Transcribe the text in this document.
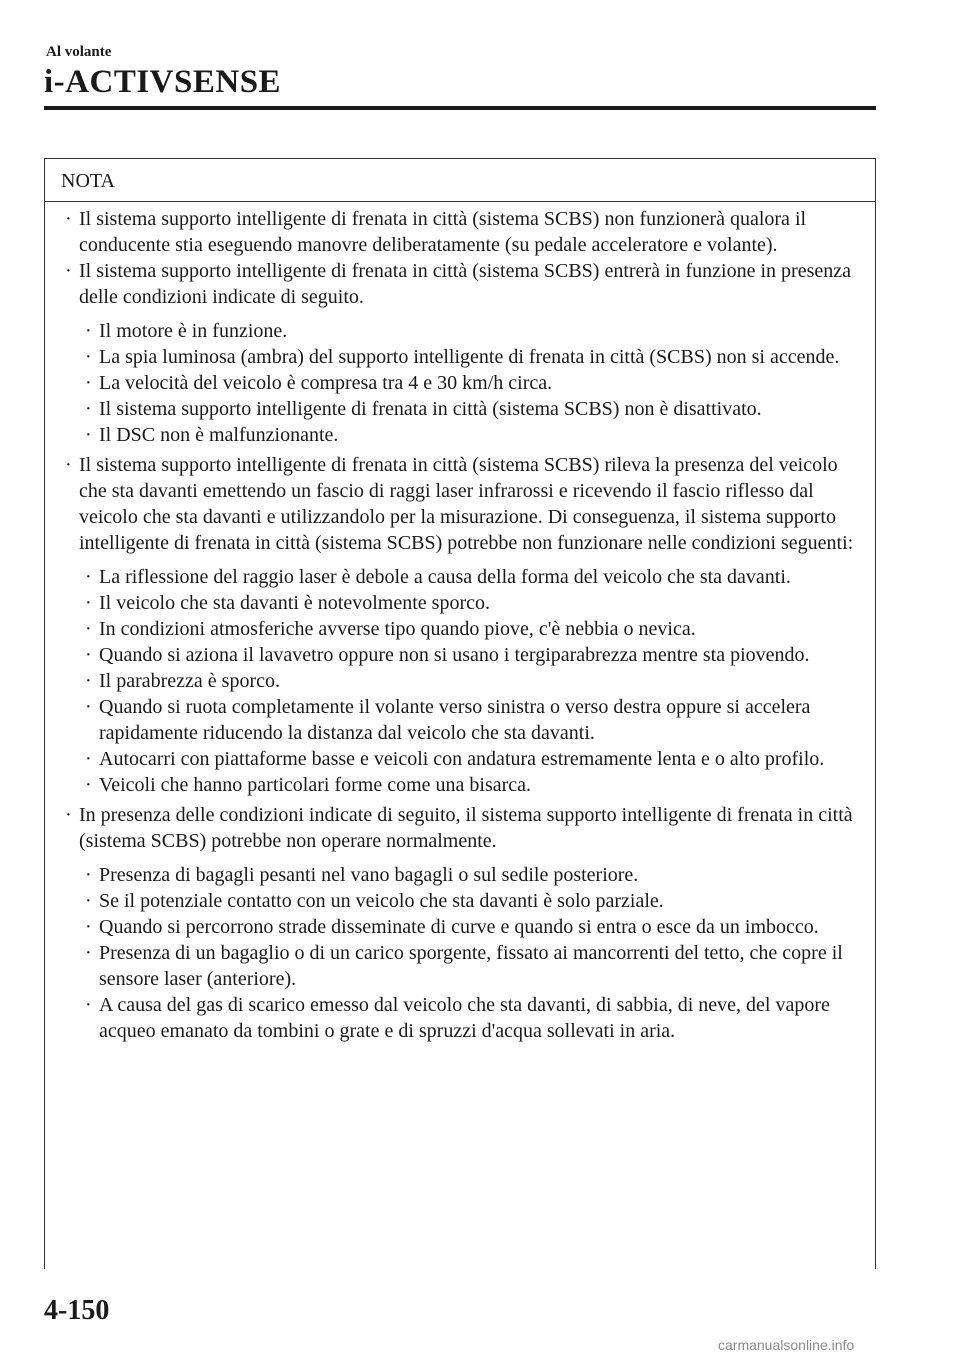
Al volante
i-ACTIVSENSE
NOTA
· Il sistema supporto intelligente di frenata in città (sistema SCBS) non funzionerà qualora il conducente stia eseguendo manovre deliberatamente (su pedale acceleratore e volante).
· Il sistema supporto intelligente di frenata in città (sistema SCBS) entrerà in funzione in presenza delle condizioni indicate di seguito.
· Il motore è in funzione.
· La spia luminosa (ambra) del supporto intelligente di frenata in città (SCBS) non si accende.
· La velocità del veicolo è compresa tra 4 e 30 km/h circa.
· Il sistema supporto intelligente di frenata in città (sistema SCBS) non è disattivato.
· Il DSC non è malfunzionante.
· Il sistema supporto intelligente di frenata in città (sistema SCBS) rileva la presenza del veicolo che sta davanti emettendo un fascio di raggi laser infrarossi e ricevendo il fascio riflesso dal veicolo che sta davanti e utilizzandolo per la misurazione. Di conseguenza, il sistema supporto intelligente di frenata in città (sistema SCBS) potrebbe non funzionare nelle condizioni seguenti:
· La riflessione del raggio laser è debole a causa della forma del veicolo che sta davanti.
· Il veicolo che sta davanti è notevolmente sporco.
· In condizioni atmosferiche avverse tipo quando piove, c'è nebbia o nevica.
· Quando si aziona il lavavetro oppure non si usano i tergiparabrezza mentre sta piovendo.
· Il parabrezza è sporco.
· Quando si ruota completamente il volante verso sinistra o verso destra oppure si accelera rapidamente riducendo la distanza dal veicolo che sta davanti.
· Autocarri con piattaforme basse e veicoli con andatura estremamente lenta e o alto profilo.
· Veicoli che hanno particolari forme come una bisarca.
· In presenza delle condizioni indicate di seguito, il sistema supporto intelligente di frenata in città (sistema SCBS) potrebbe non operare normalmente.
· Presenza di bagagli pesanti nel vano bagagli o sul sedile posteriore.
· Se il potenziale contatto con un veicolo che sta davanti è solo parziale.
· Quando si percorrono strade disseminate di curve e quando si entra o esce da un imbocco.
· Presenza di un bagaglio o di un carico sporgente, fissato ai mancorrenti del tetto, che copre il sensore laser (anteriore).
· A causa del gas di scarico emesso dal veicolo che sta davanti, di sabbia, di neve, del vapore acqueo emanato da tombini o grate e di spruzzi d'acqua sollevati in aria.
4-150
carmanualsonline.info
